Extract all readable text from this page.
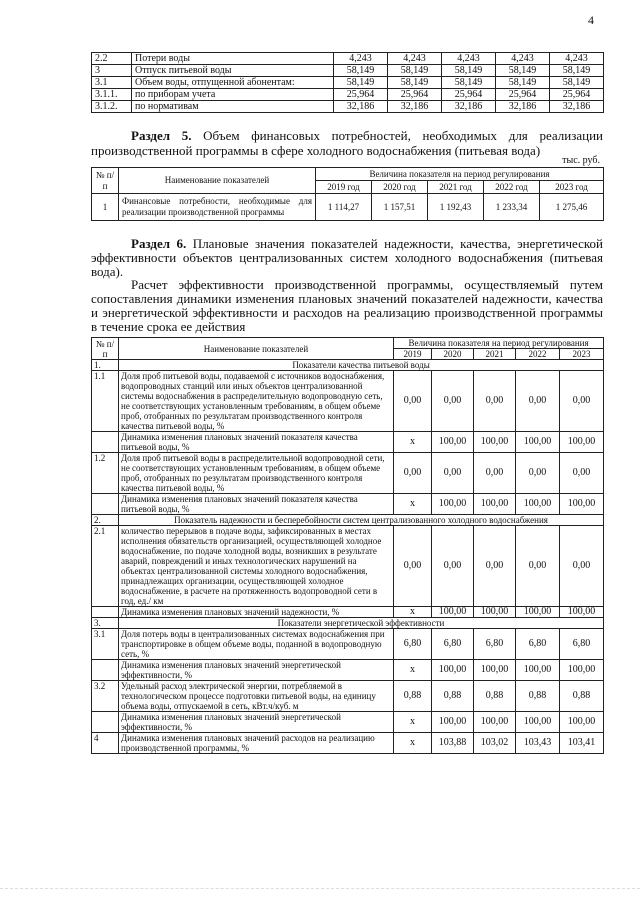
4
2.2	Потери воды	4,243	4,243	4,243	4,243	4,243
3	Отпуск питьевой воды	58,149	58,149	58,149	58,149	58,149
3.1	Объем воды, отпущенной абонентам:	58,149	58,149	58,149	58,149	58,149
3.1.1.	по приборам учета	25,964	25,964	25,964	25,964	25,964
3.1.2.	по нормативам	32,186	32,186	32,186	32,186	32,186
Раздел 5. Объем финансовых потребностей, необходимых для реализации производственной программы в сфере холодного водоснабжения (питьевая вода)
тыс. руб.
№ п/п	Наименование показателей	Величина показателя на период регулирования				
		2019 год	2020 год	2021 год	2022 год	2023 год
1	Финансовые потребности, необходимые для реализации производственной программы	1 114,27	1 157,51	1 192,43	1 233,34	1 275,46
Раздел 6. Плановые значения показателей надежности, качества, энергетической эффективности объектов централизованных систем холодного водоснабжения (питьевая вода).
Расчет эффективности производственной программы, осуществляемый путем сопоставления динамики изменения плановых значений показателей надежности, качества и энергетической эффективности и расходов на реализацию производственной программы в течение срока ее действия
№ п/п	Наименование показателей	Величина показателя на период регулирования				
		2019	2020	2021	2022	2023
1.	Показатели качества питьевой воды					
1.1	Доля проб питьевой воды, подаваемой с источников водоснабжения, водопроводных станций или иных объектов централизованной системы водоснабжения в распределительную водопроводную сеть, не соответствующих установленным требованиям, в общем объеме проб, отобранных по результатам производственного контроля качества питьевой воды, %	0,00	0,00	0,00	0,00	0,00
	Динамика изменения плановых значений показателя качества питьевой воды, %	x	100,00	100,00	100,00	100,00
1.2	Доля проб питьевой воды в распределительной водопроводной сети, не соответствующих установленным требованиям, в общем объеме проб, отобранных по результатам производственного контроля качества питьевой воды, %	0,00	0,00	0,00	0,00	0,00
	Динамика изменения плановых значений показателя качества питьевой воды, %	x	100,00	100,00	100,00	100,00
2.	Показатель надежности и бесперебойности систем централизованного холодного водоснабжения					
2.1	количество перерывов в подаче воды, зафиксированных в местах исполнения обязательств организацией, осуществляющей холодное водоснабжение, по подаче холодной воды, возникших в результате аварий, повреждений и иных технологических нарушений на объектах централизованной системы холодного водоснабжения, принадлежащих организации, осуществляющей холодное водоснабжение, в расчете на протяженность водопроводной сети в год, ед./ км	0,00	0,00	0,00	0,00	0,00
	Динамика изменения плановых значений надежности, %	x	100,00	100,00	100,00	100,00
3.	Показатели энергетической эффективности					
3.1	Доля потерь воды в централизованных системах водоснабжения при транспортировке в общем объеме воды, поданной в водопроводную сеть, %	6,80	6,80	6,80	6,80	6,80
	Динамика изменения плановых значений энергетической эффективности, %	x	100,00	100,00	100,00	100,00
3.2	Удельный расход электрической энергии, потребляемой в технологическом процессе подготовки питьевой воды, на единицу объема воды, отпускаемой в сеть, кВт.ч/куб. м	0,88	0,88	0,88	0,88	0,88
	Динамика изменения плановых значений энергетической эффективности, %	x	100,00	100,00	100,00	100,00
4	Динамика изменения плановых значений расходов на реализацию производственной программы, %	x	103,88	103,02	103,43	103,41
